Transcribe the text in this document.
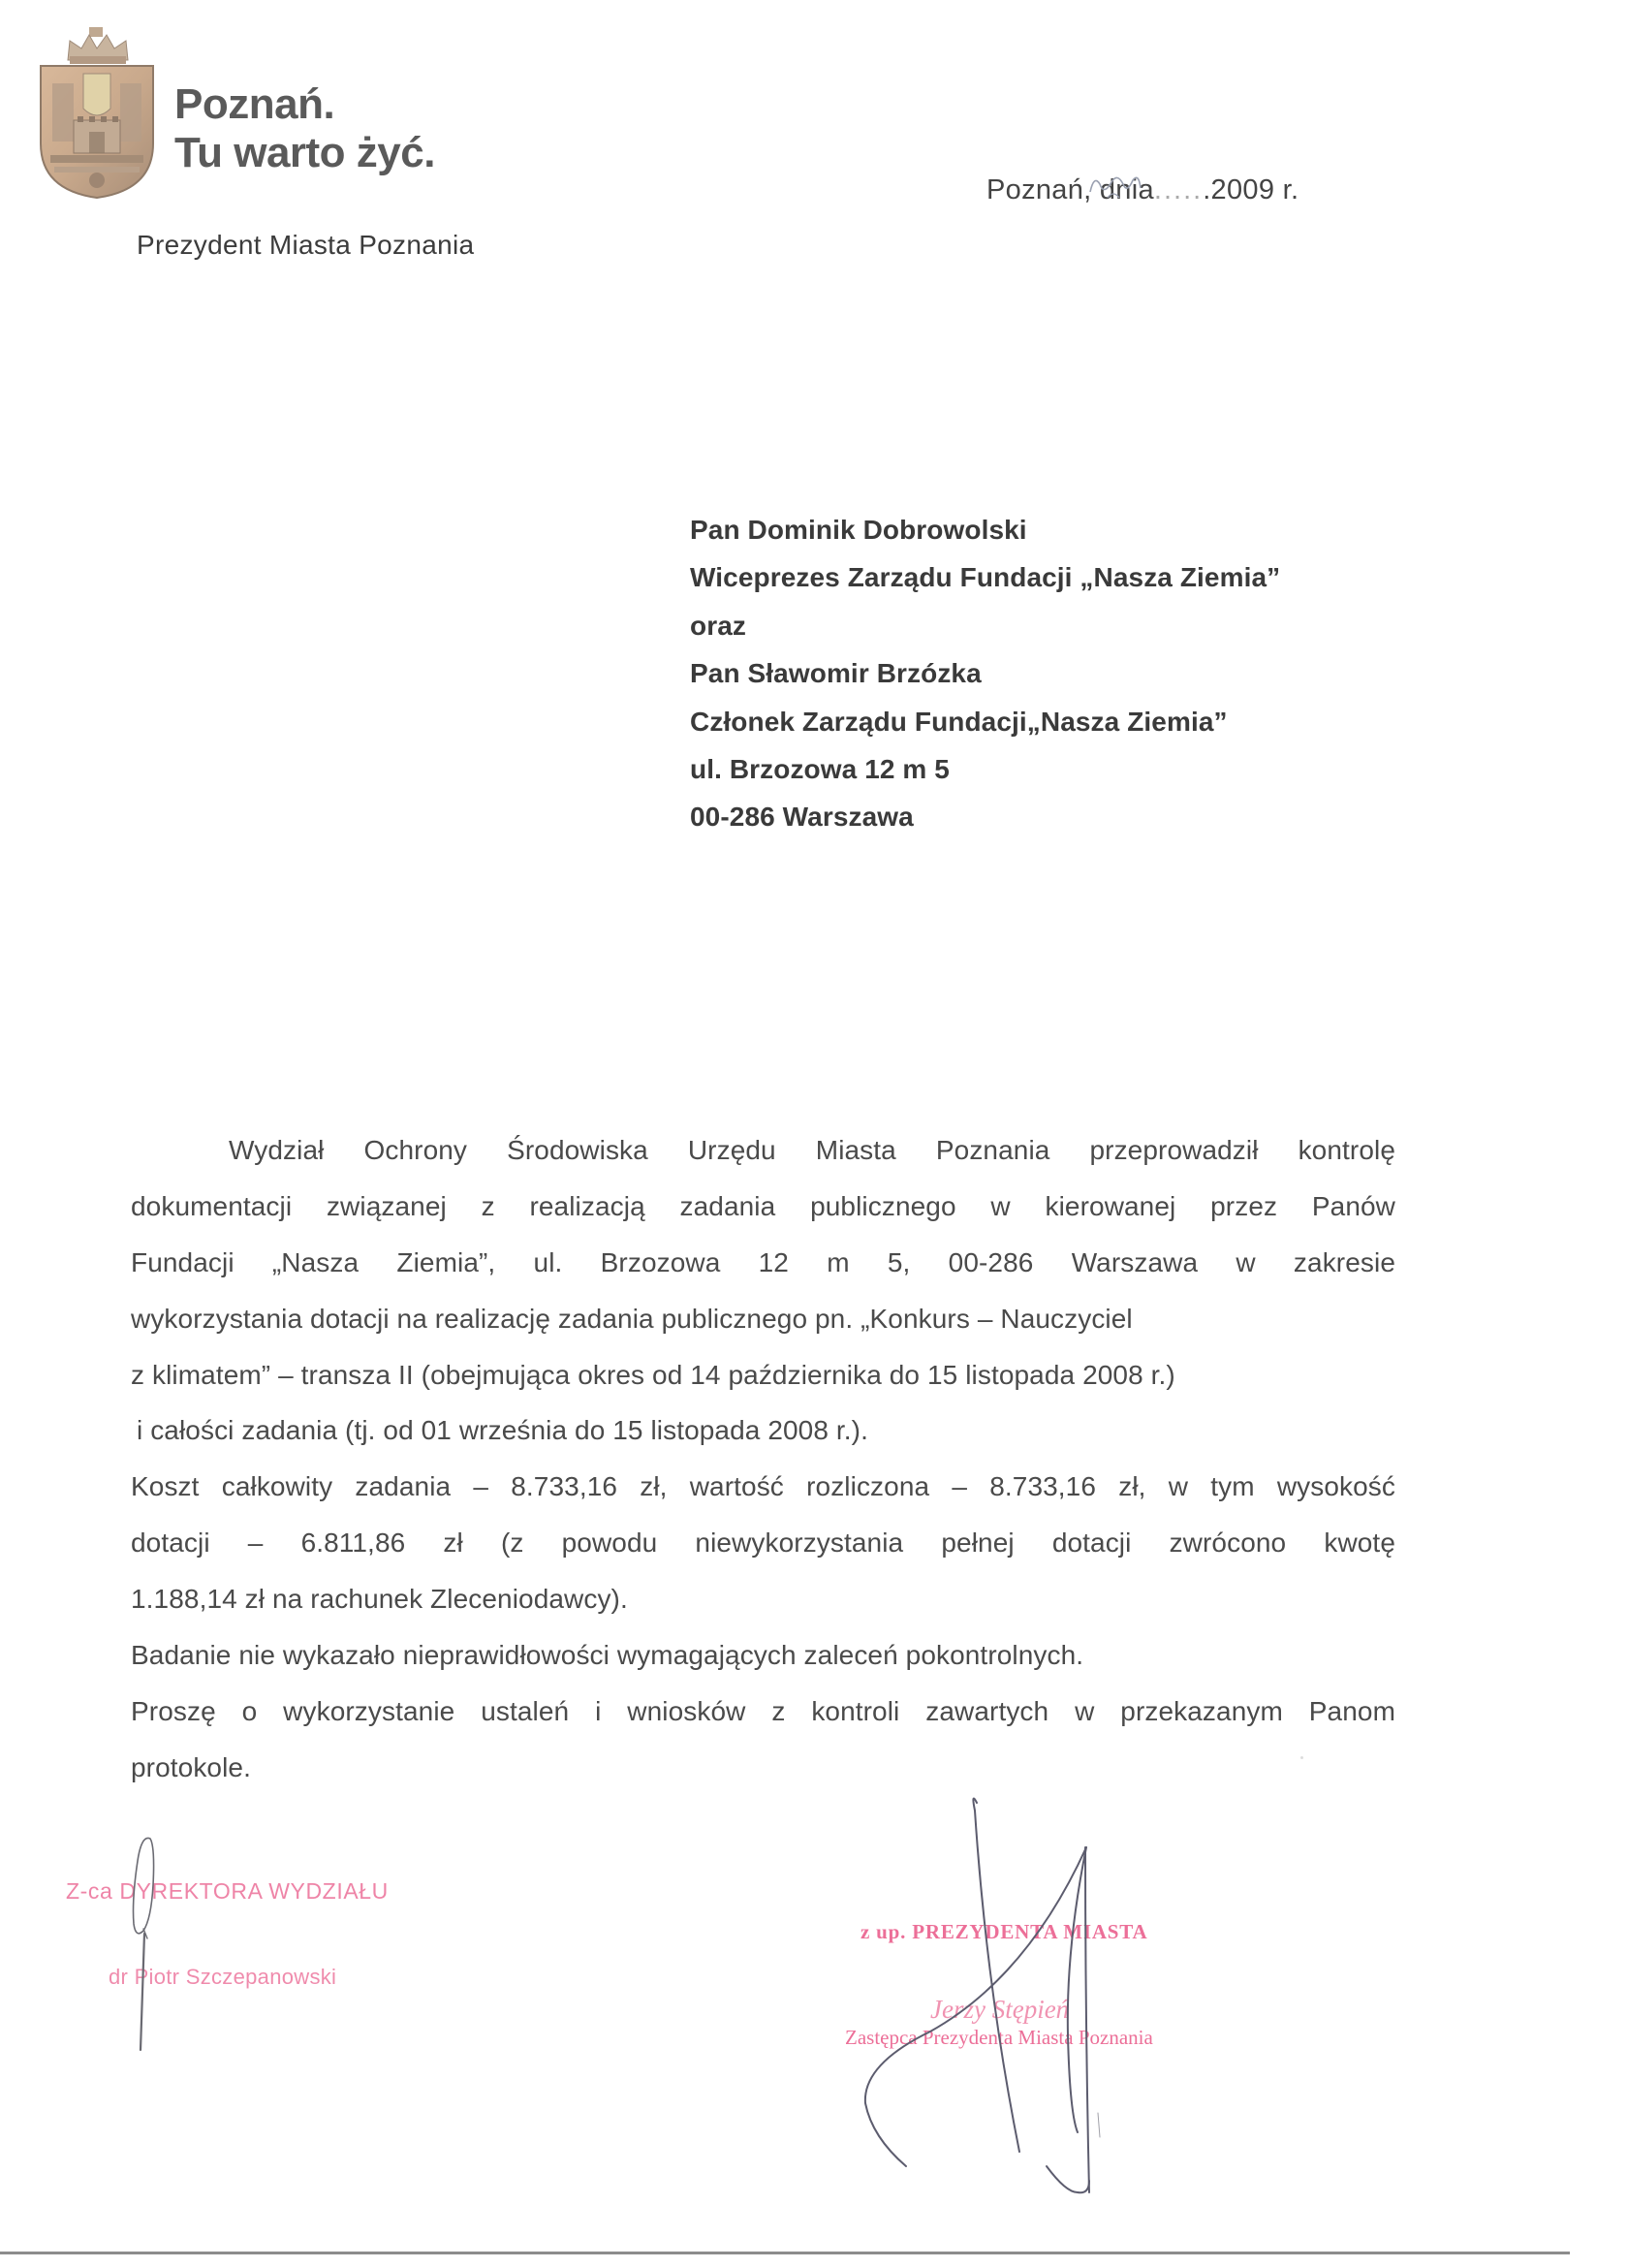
Poznań.
Tu warto żyć.
Prezydent Miasta Poznania
Poznań, dnia......2009 r.
Pan Dominik Dobrowolski
Wiceprezes Zarządu Fundacji „Nasza Ziemia”
oraz
Pan Sławomir Brzózka
Członek Zarządu Fundacji„Nasza Ziemia”
ul. Brzozowa 12 m 5
00-286 Warszawa
Wydział Ochrony Środowiska Urzędu Miasta Poznania przeprowadził kontrolę
dokumentacji związanej z realizacją zadania publicznego w kierowanej przez Panów
Fundacji „Nasza Ziemia”, ul. Brzozowa 12 m 5, 00-286 Warszawa w zakresie
wykorzystania dotacji na realizację zadania publicznego pn. „Konkurs – Nauczyciel
z klimatem” – transza II (obejmująca okres od 14 października do 15 listopada 2008 r.)
i całości zadania (tj. od 01 września do 15 listopada 2008 r.).
Koszt całkowity zadania – 8.733,16 zł, wartość rozliczona – 8.733,16 zł, w tym wysokość
dotacji – 6.811,86 zł (z powodu niewykorzystania pełnej dotacji zwrócono kwotę
1.188,14 zł na rachunek Zleceniodawcy).
Badanie nie wykazało nieprawidłowości wymagających zaleceń pokontrolnych.
Proszę o wykorzystanie ustaleń i wniosków z kontroli zawartych w przekazanym Panom
protokole.
Z-ca DYREKTORA WYDZIAŁU
dr Piotr Szczepanowski
z up. PREZYDENTA MIASTA
Jerzy Stępień
Zastępca Prezydenta Miasta Poznania
